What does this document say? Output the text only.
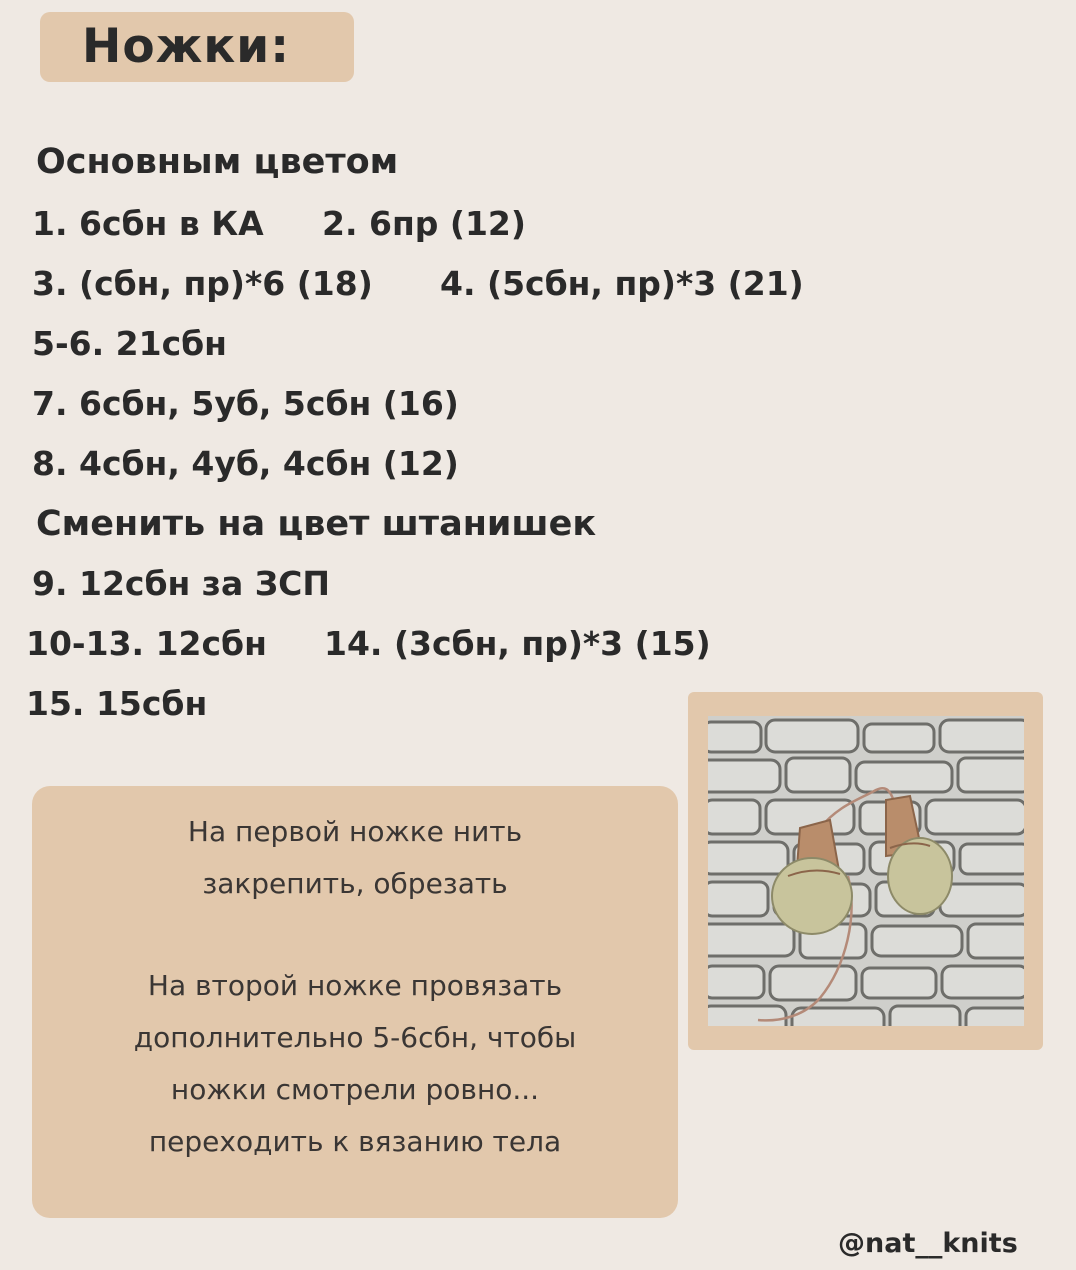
Ножки:
Основным цветом
1. 6сбн в КА 2. 6пр (12)
3. (сбн, пр)*6 (18) 4. (5сбн, пр)*3 (21)
5-6. 21сбн
7. 6сбн, 5уб, 5сбн (16)
8. 4сбн, 4уб, 4сбн (12)
Сменить на цвет штанишек
9. 12сбн за ЗСП
10-13. 12сбн 14. (3сбн, пр)*3 (15)
15. 15сбн
На первой ножке нить
закрепить, обрезать
На второй ножке провязать
дополнительно 5-6сбн, чтобы
ножки смотрели ровно...
переходить к вязанию тела
@nat__knits
